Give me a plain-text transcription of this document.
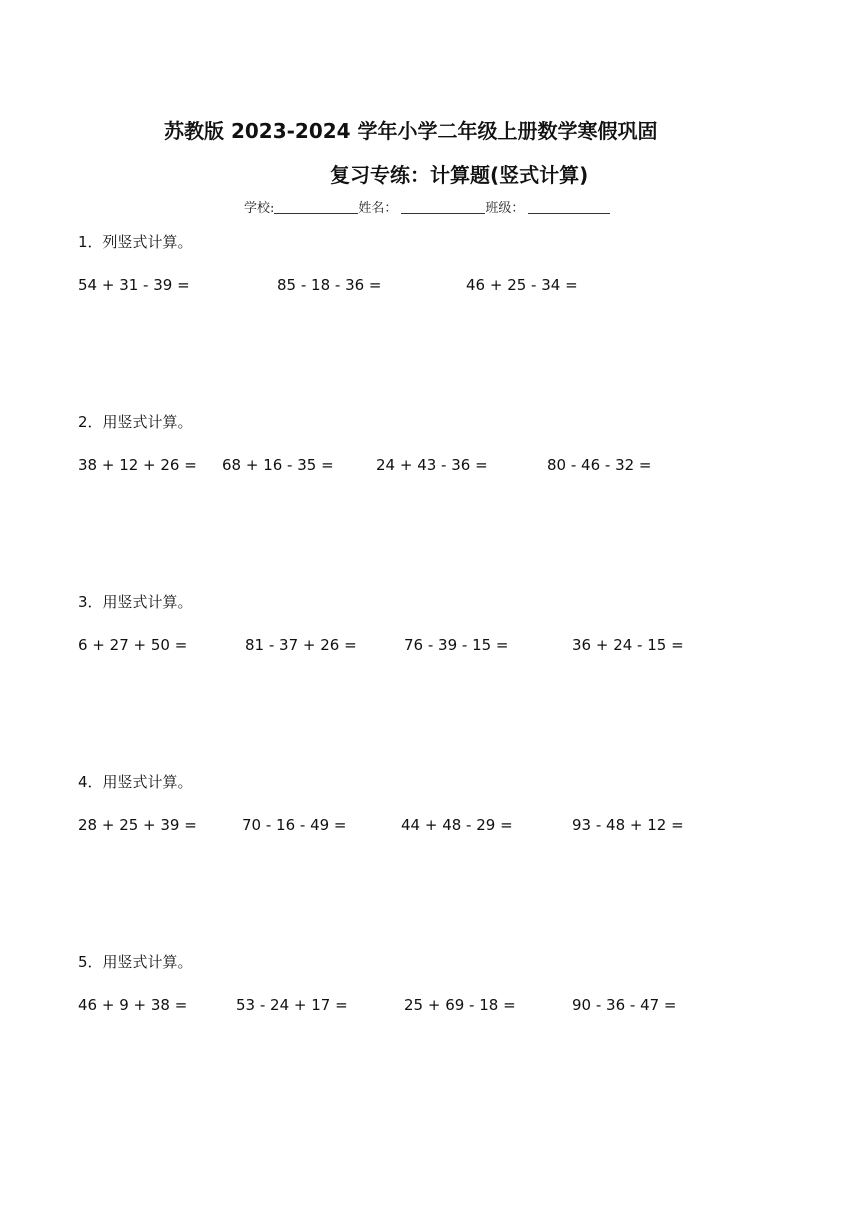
苏教版 2023-2024 学年小学二年级上册数学寒假巩固
复习专练：计算题(竖式计算)
学校:	姓名：	班级：
1．列竖式计算。
54 + 31 - 39 =	85 - 18 - 36 =	46 + 25 - 34 =
2．用竖式计算。
38 + 12 + 26 = 68 + 16 - 35 =	24 + 43 - 36 =	80 - 46 - 32 =
3．用竖式计算。
6 + 27 + 50 =	81 - 37 + 26 =	76 - 39 - 15 =	36 + 24 - 15 =
4．用竖式计算。
28 + 25 + 39 =	70 - 16 - 49 =	44 + 48 - 29 =	93 - 48 + 12 =
5．用竖式计算。
46 + 9 + 38 =	53 - 24 + 17 =	25 + 69 - 18 =	90 - 36 - 47 =
